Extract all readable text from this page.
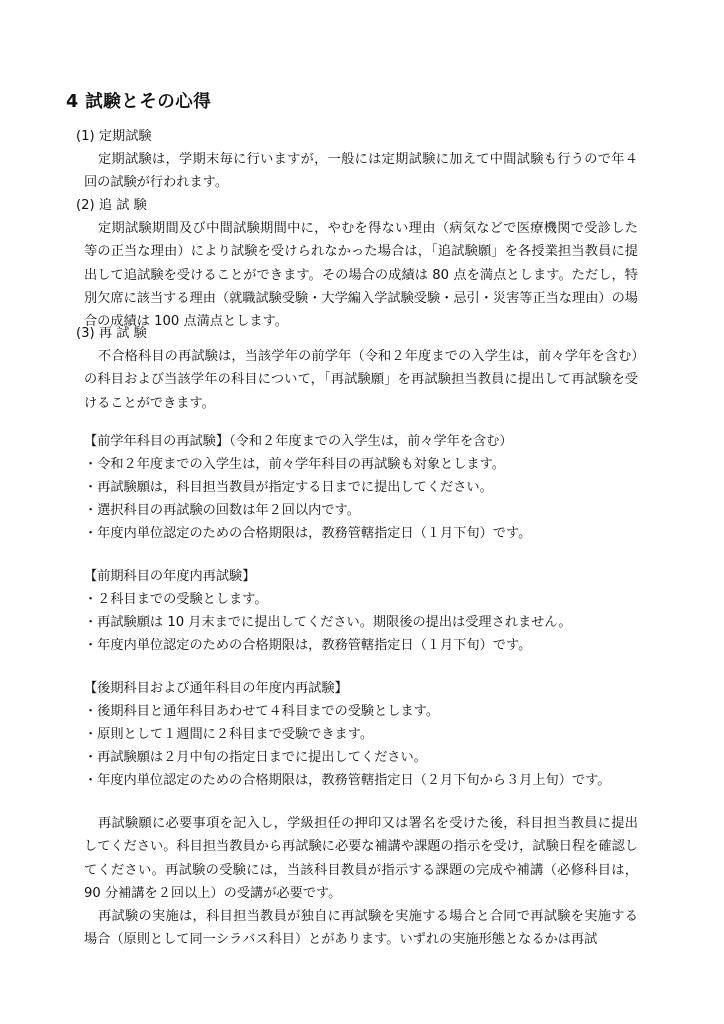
4 試験とその心得
(1) 定期試験
定期試験は，学期末毎に行いますが，一般には定期試験に加えて中間試験も行うので年４回の試験が行われます。
(2) 追 試 験
定期試験期間及び中間試験期間中に，やむを得ない理由（病気などで医療機関で受診した等の正当な理由）により試験を受けられなかった場合は，「追試験願」を各授業担当教員に提出して追試験を受けることができます。その場合の成績は 80 点を満点とします。ただし，特別欠席に該当する理由（就職試験受験・大学編入学試験受験・忌引・災害等正当な理由）の場合の成績は 100 点満点とします。
(3) 再 試 験
不合格科目の再試験は，当該学年の前学年（令和２年度までの入学生は，前々学年を含む）の科目および当該学年の科目について，「再試験願」を再試験担当教員に提出して再試験を受けることができます。
【前学年科目の再試験】（令和２年度までの入学生は，前々学年を含む）
・令和２年度までの入学生は，前々学年科目の再試験も対象とします。
・再試験願は，科目担当教員が指定する日までに提出してください。
・選択科目の再試験の回数は年２回以内です。
・年度内単位認定のための合格期限は，教務管轄指定日（１月下旬）です。
【前期科目の年度内再試験】
・２科目までの受験とします。
・再試験願は 10 月末までに提出してください。期限後の提出は受理されません。
・年度内単位認定のための合格期限は，教務管轄指定日（１月下旬）です。
【後期科目および通年科目の年度内再試験】
・後期科目と通年科目あわせて４科目までの受験とします。
・原則として１週間に２科目まで受験できます。
・再試験願は２月中旬の指定日までに提出してください。
・年度内単位認定のための合格期限は，教務管轄指定日（２月下旬から３月上旬）です。
再試験願に必要事項を記入し，学級担任の押印又は署名を受けた後，科目担当教員に提出してください。科目担当教員から再試験に必要な補講や課題の指示を受け，試験日程を確認してください。再試験の受験には，当該科目教員が指示する課題の完成や補講（必修科目は，90 分補講を２回以上）の受講が必要です。
再試験の実施は，科目担当教員が独自に再試験を実施する場合と合同で再試験を実施する場合（原則として同一シラバス科目）とがあります。いずれの実施形態となるかは再試
